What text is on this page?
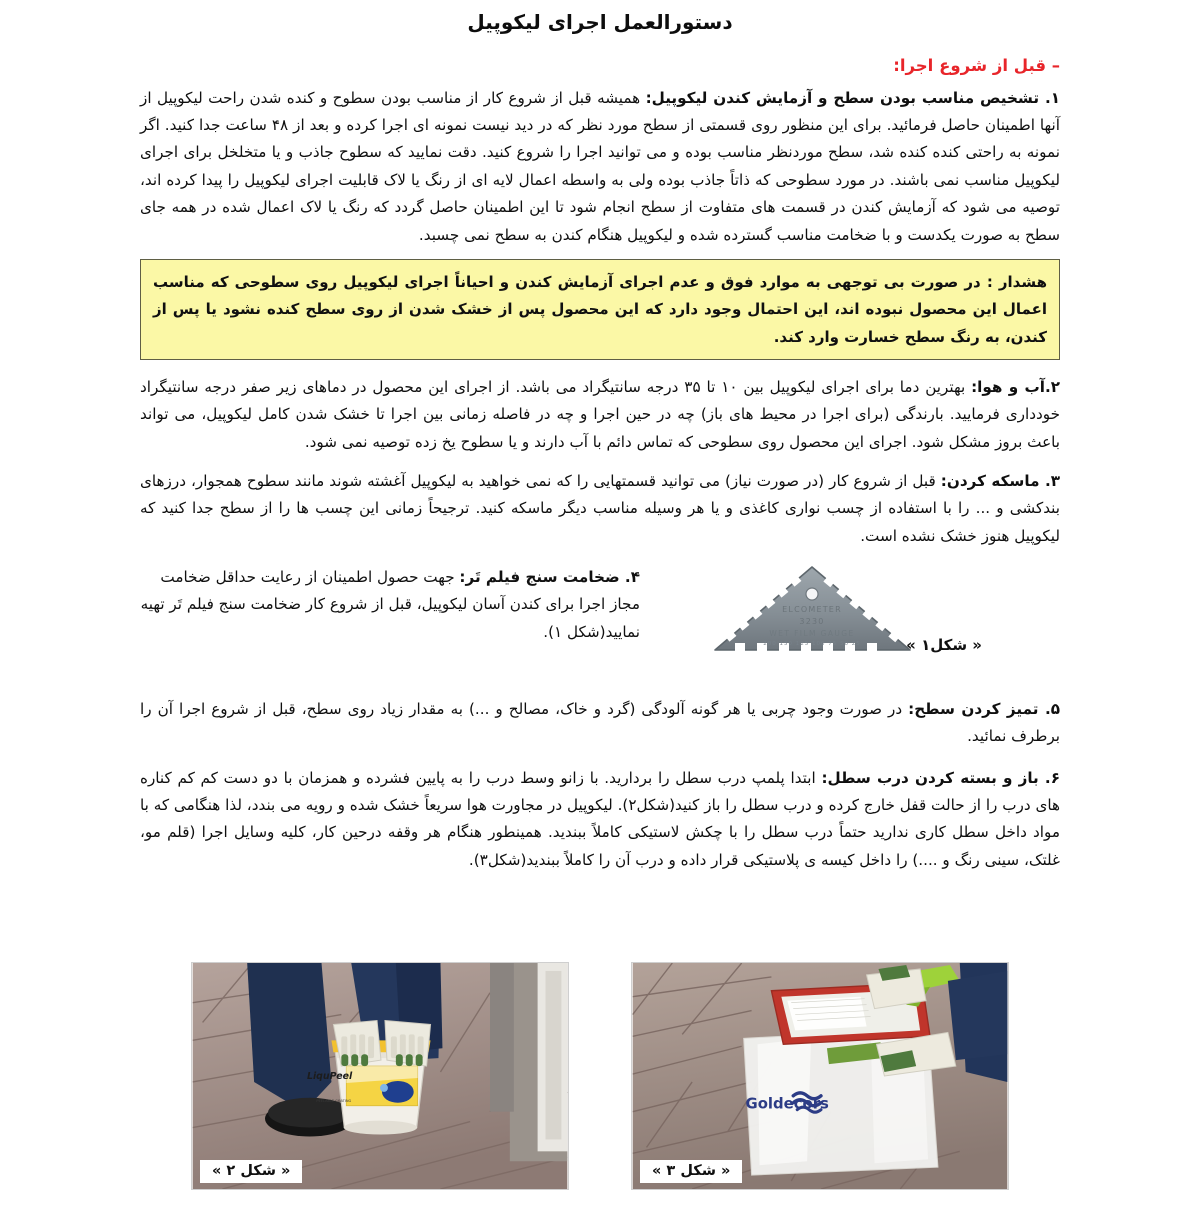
دستورالعمل اجرای لیکوپیل
– قبل از شروع اجرا:

۱. تشخیص مناسب بودن سطح و آزمایش کندن لیکوپیل: همیشه قبل از شروع کار از مناسب بودن سطوح و کنده شدن راحت لیکوپیل از آنها اطمینان حاصل فرمائید. برای این منظور روی قسمتی از سطح مورد نظر که در دید نیست نمونه ای اجرا کرده و بعد از ۴۸ ساعت جدا کنید. اگر نمونه به راحتی کنده کنده شد، سطح موردنظر مناسب بوده و می توانید اجرا را شروع کنید. دقت نمایید که سطوح جاذب و یا متخلخل برای اجرای لیکوپیل مناسب نمی باشند. در مورد سطوحی که ذاتاً جاذب بوده ولی به واسطه اعمال لایه ای از رنگ یا لاک قابلیت اجرای لیکوپیل را پیدا کرده اند، توصیه می شود که آزمایش کندن در قسمت های متفاوت از سطح انجام شود تا این اطمینان حاصل گردد که رنگ یا لاک اعمال شده در همه جای سطح به صورت یکدست و با ضخامت مناسب گسترده شده و لیکوپیل هنگام کندن به سطح نمی چسبد.

هشدار : در صورت بی توجهی به موارد فوق و عدم اجرای آزمایش کندن و احیاناً اجرای لیکوپیل روی سطوحی که مناسب اعمال این محصول نبوده اند، این احتمال وجود دارد که این محصول پس از خشک شدن از روی سطح کنده نشود یا پس از کندن، به رنگ سطح خسارت وارد کند.

۲.آب و هوا: بهترین دما برای اجرای لیکوپیل بین ۱۰ تا ۳۵ درجه سانتیگراد می باشد. از اجرای این محصول در دماهای زیر صفر درجه سانتیگراد خودداری فرمایید. بارندگی (برای اجرا در محیط های باز) چه در حین اجرا و چه در فاصله زمانی بین اجرا تا خشک شدن کامل لیکوپیل، می تواند باعث بروز مشکل شود. اجرای این محصول روی سطوحی که تماس دائم با آب دارند و یا سطوح یخ زده توصیه نمی شود.

۳. ماسکه کردن: قبل از شروع کار (در صورت نیاز) می توانید قسمتهایی را که نمی خواهید به لیکوپیل آغشته شوند مانند سطوح همجوار، درزهای بندکشی و ... را با استفاده از چسب نواری کاغذی و یا هر وسیله مناسب دیگر ماسکه کنید. ترجیحاً زمانی این چسب ها را از سطح جدا کنید که لیکوپیل هنوز خشک نشده است.

۴. ضخامت سنج فیلم تَر: جهت حصول اطمینان از رعایت حداقل ضخامت مجاز اجرا برای کندن آسان لیکوپیل، قبل از شروع کار ضخامت سنج فیلم تَر تهیه نمایید(شکل ۱).

ELCOMETER
3230
WET FILM GAUGE
25 50 75 100 125 150 200	« شکل۱ »

۵. تمیز کردن سطح: در صورت وجود چربی یا هر گونه آلودگی (گرد و خاک، مصالح و ...) به مقدار زیاد روی سطح، قبل از شروع اجرا آن را برطرف نمائید.

۶. باز و بسته کردن درب سطل: ابتدا پلمپ درب سطل را بردارید. با زانو وسط درب را به پایین فشرده و همزمان با دو دست کم کم کناره های درب را از حالت قفل خارج کرده و درب سطل را باز کنید(شکل۲). لیکوپیل در مجاورت هوا سریعاً خشک شده و رویه می بندد، لذا هنگامی که با مواد داخل سطل کاری ندارید حتماً درب سطل را با چکش لاستیکی کاملاً ببندید. همینطور هنگام هر وقفه درحین کار، کلیه وسایل اجرا (قلم مو، غلتک، سینی رنگ و ....) را داخل کیسه ی پلاستیکی قرار داده و درب آن را کاملاً ببندید(شکل۳).

LiquPeel
PEELABLE COATING
« شکل ۲ »
Goldecors
« شکل ۳ »
